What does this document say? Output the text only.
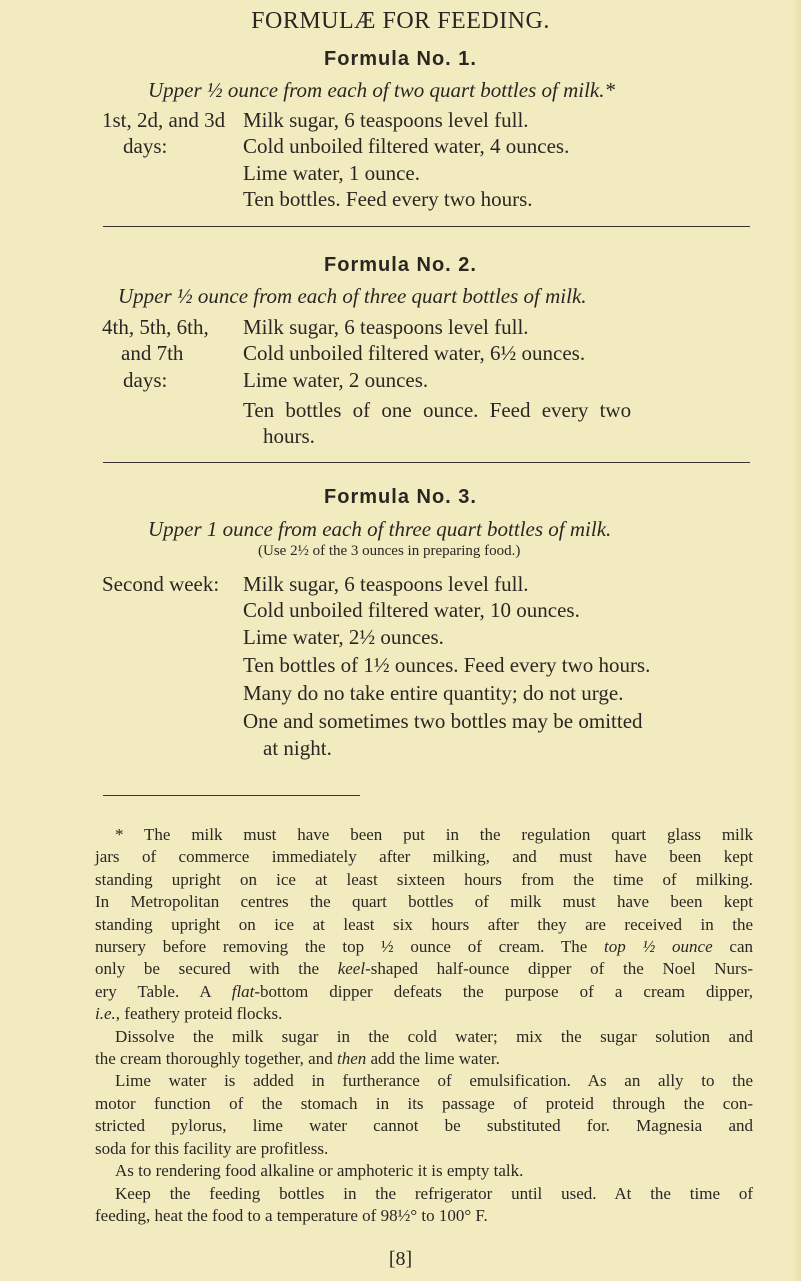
FORMULÆ FOR FEEDING.
Formula No. 1.
Upper ½ ounce from each of two quart bottles of milk.*
1st, 2d, and 3d
days:
Milk sugar, 6 teaspoons level full.
Cold unboiled filtered water, 4 ounces.
Lime water, 1 ounce.
Ten bottles. Feed every two hours.
Formula No. 2.
Upper ½ ounce from each of three quart bottles of milk.
4th, 5th, 6th,
and 7th
days:
Milk sugar, 6 teaspoons level full.
Cold unboiled filtered water, 6½ ounces.
Lime water, 2 ounces.
Ten bottles of one ounce. Feed every two
hours.
Formula No. 3.
Upper 1 ounce from each of three quart bottles of milk.
(Use 2½ of the 3 ounces in preparing food.)
Second week: Milk sugar, 6 teaspoons level full.
Cold unboiled filtered water, 10 ounces.
Lime water, 2½ ounces.
Ten bottles of 1½ ounces. Feed every two hours.
Many do no take entire quantity; do not urge.
One and sometimes two bottles may be omitted
at night.
* The milk must have been put in the regulation quart glass milk
jars of commerce immediately after milking, and must have been kept
standing upright on ice at least sixteen hours from the time of milking.
In Metropolitan centres the quart bottles of milk must have been kept
standing upright on ice at least six hours after they are received in the
nursery before removing the top ½ ounce of cream. The top ½ ounce can
only be secured with the keel-shaped half-ounce dipper of the Noel Nurs-
ery Table. A flat-bottom dipper defeats the purpose of a cream dipper,
i.e., feathery proteid flocks.
Dissolve the milk sugar in the cold water; mix the sugar solution and
the cream thoroughly together, and then add the lime water.
Lime water is added in furtherance of emulsification. As an ally to the
motor function of the stomach in its passage of proteid through the con-
stricted pylorus, lime water cannot be substituted for. Magnesia and
soda for this facility are profitless.
As to rendering food alkaline or amphoteric it is empty talk.
Keep the feeding bottles in the refrigerator until used. At the time of
feeding, heat the food to a temperature of 98½° to 100° F.
[8]
